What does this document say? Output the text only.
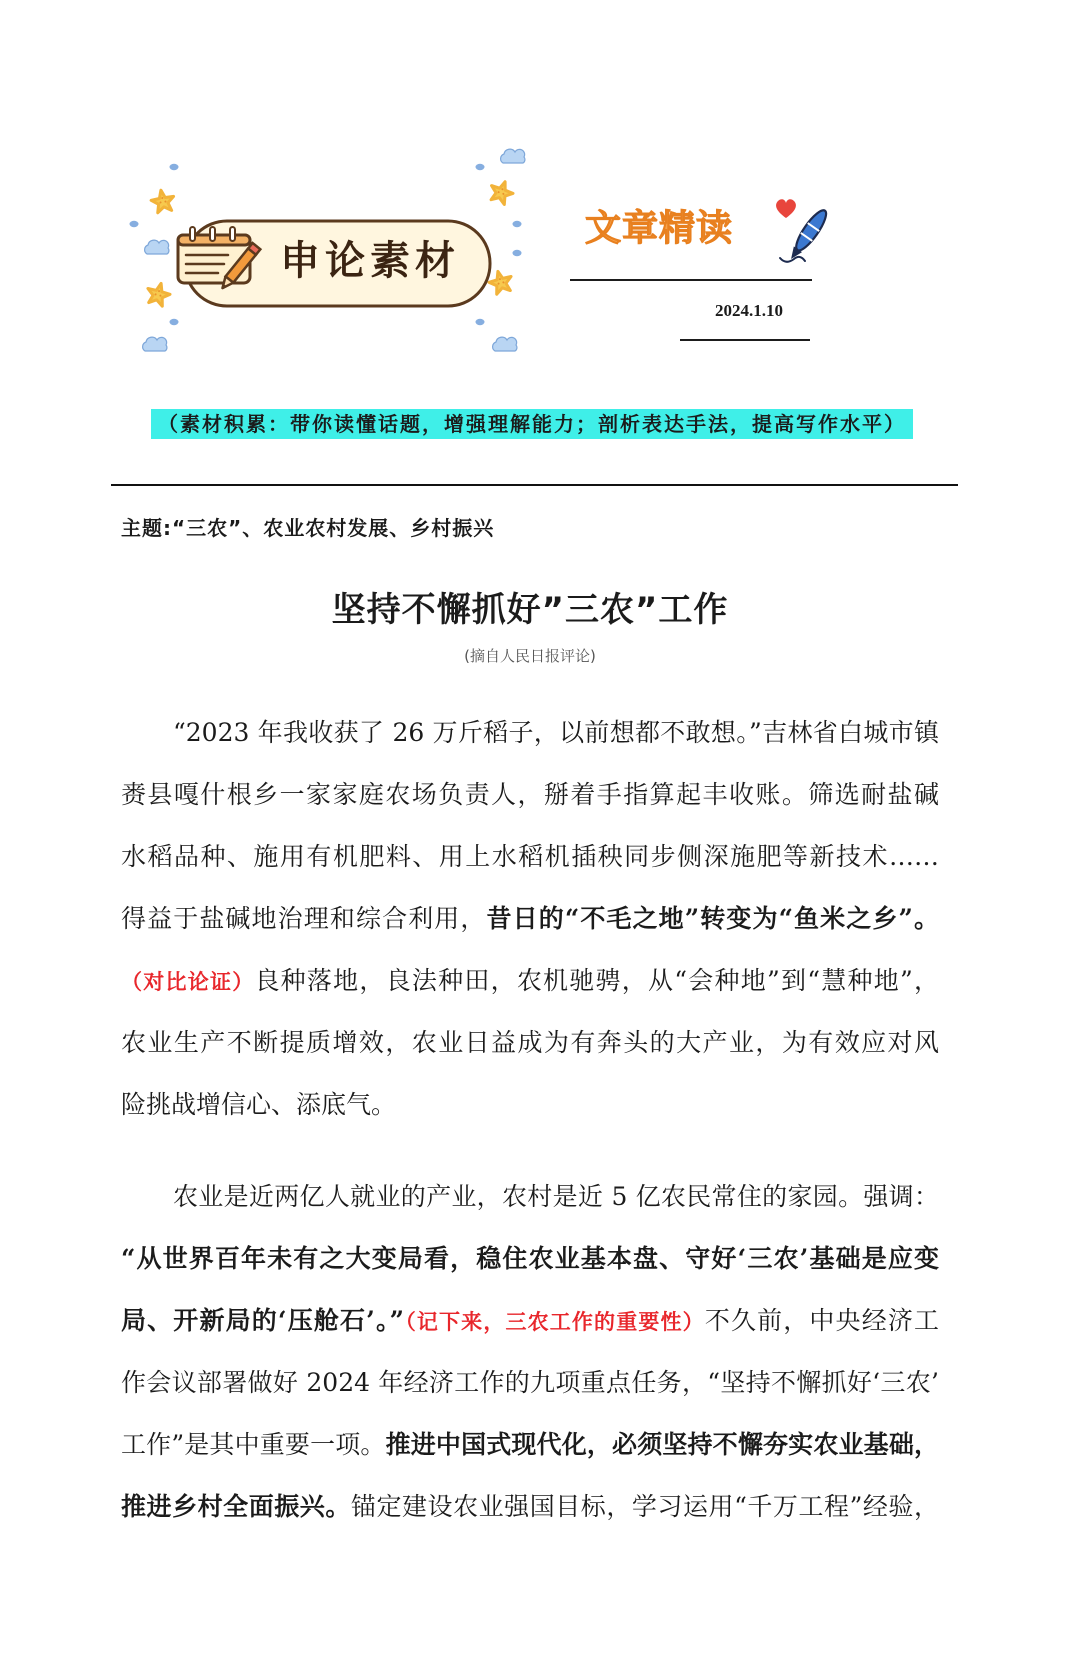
申论素材
文章精读
2024.1.10
（素材积累：带你读懂话题，增强理解能力；剖析表达手法，提高写作水平）
主题:“三农”、农业农村发展、乡村振兴
坚持不懈抓好”三农”工作
(摘自人民日报评论)
“2023 年我收获了 26 万斤稻子，以前想都不敢想。”吉林省白城市镇
赉县嘎什根乡一家家庭农场负责人，掰着手指算起丰收账。筛选耐盐碱
水稻品种、施用有机肥料、用上水稻机插秧同步侧深施肥等新技术……
得益于盐碱地治理和综合利用，昔日的“不毛之地”转变为“鱼米之乡”。
（对比论证）良种落地，良法种田，农机驰骋，从“会种地”到“慧种地”，
农业生产不断提质增效，农业日益成为有奔头的大产业，为有效应对风
险挑战增信心、添底气。
农业是近两亿人就业的产业，农村是近 5 亿农民常住的家园。强调：
“从世界百年未有之大变局看，稳住农业基本盘、守好‘三农’基础是应变
局、开新局的‘压舱石’。”（记下来，三农工作的重要性）不久前，中央经济工
作会议部署做好 2024 年经济工作的九项重点任务，“坚持不懈抓好‘三农’
工作”是其中重要一项。推进中国式现代化，必须坚持不懈夯实农业基础，
推进乡村全面振兴。锚定建设农业强国目标，学习运用“千万工程”经验，
